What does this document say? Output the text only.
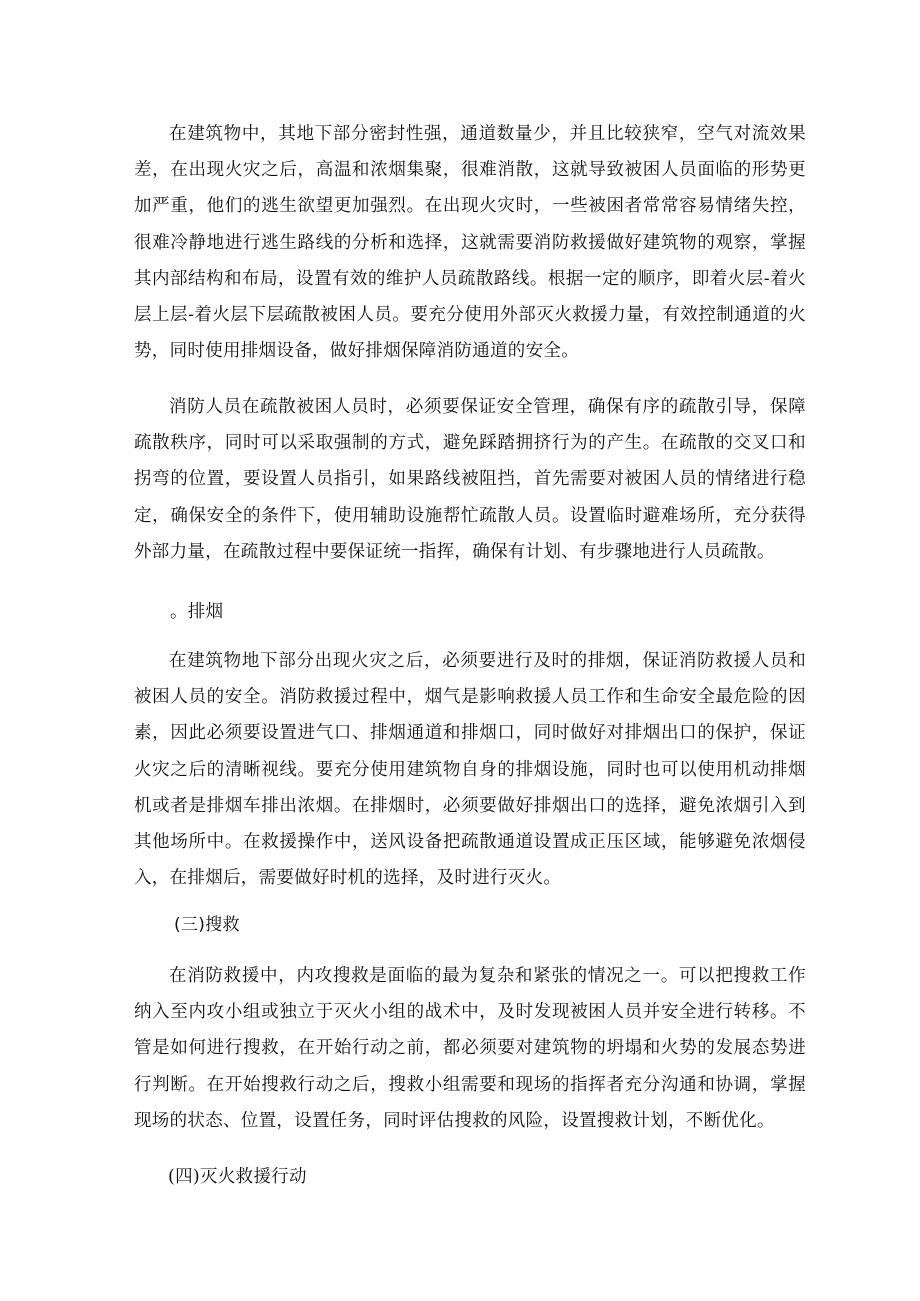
在建筑物中，其地下部分密封性强，通道数量少，并且比较狭窄，空气对流效果差，在出现火灾之后，高温和浓烟集聚，很难消散，这就导致被困人员面临的形势更加严重，他们的逃生欲望更加强烈。在出现火灾时，一些被困者常常容易情绪失控，很难冷静地进行逃生路线的分析和选择，这就需要消防救援做好建筑物的观察，掌握其内部结构和布局，设置有效的维护人员疏散路线。根据一定的顺序，即着火层-着火层上层-着火层下层疏散被困人员。要充分使用外部灭火救援力量，有效控制通道的火势，同时使用排烟设备，做好排烟保障消防通道的安全。

消防人员在疏散被困人员时，必须要保证安全管理，确保有序的疏散引导，保障疏散秩序，同时可以采取强制的方式，避免踩踏拥挤行为的产生。在疏散的交叉口和拐弯的位置，要设置人员指引，如果路线被阻挡，首先需要对被困人员的情绪进行稳定，确保安全的条件下，使用辅助设施帮忙疏散人员。设置临时避难场所，充分获得外部力量，在疏散过程中要保证统一指挥，确保有计划、有步骤地进行人员疏散。

。排烟

在建筑物地下部分出现火灾之后，必须要进行及时的排烟，保证消防救援人员和被困人员的安全。消防救援过程中，烟气是影响救援人员工作和生命安全最危险的因素，因此必须要设置进气口、排烟通道和排烟口，同时做好对排烟出口的保护，保证火灾之后的清晰视线。要充分使用建筑物自身的排烟设施，同时也可以使用机动排烟机或者是排烟车排出浓烟。在排烟时，必须要做好排烟出口的选择，避免浓烟引入到其他场所中。在救援操作中，送风设备把疏散通道设置成正压区域，能够避免浓烟侵入，在排烟后，需要做好时机的选择，及时进行灭火。

(三)搜救

在消防救援中，内攻搜救是面临的最为复杂和紧张的情况之一。可以把搜救工作纳入至内攻小组或独立于灭火小组的战术中，及时发现被困人员并安全进行转移。不管是如何进行搜救，在开始行动之前，都必须要对建筑物的坍塌和火势的发展态势进行判断。在开始搜救行动之后，搜救小组需要和现场的指挥者充分沟通和协调，掌握现场的状态、位置，设置任务，同时评估搜救的风险，设置搜救计划，不断优化。

(四)灭火救援行动
